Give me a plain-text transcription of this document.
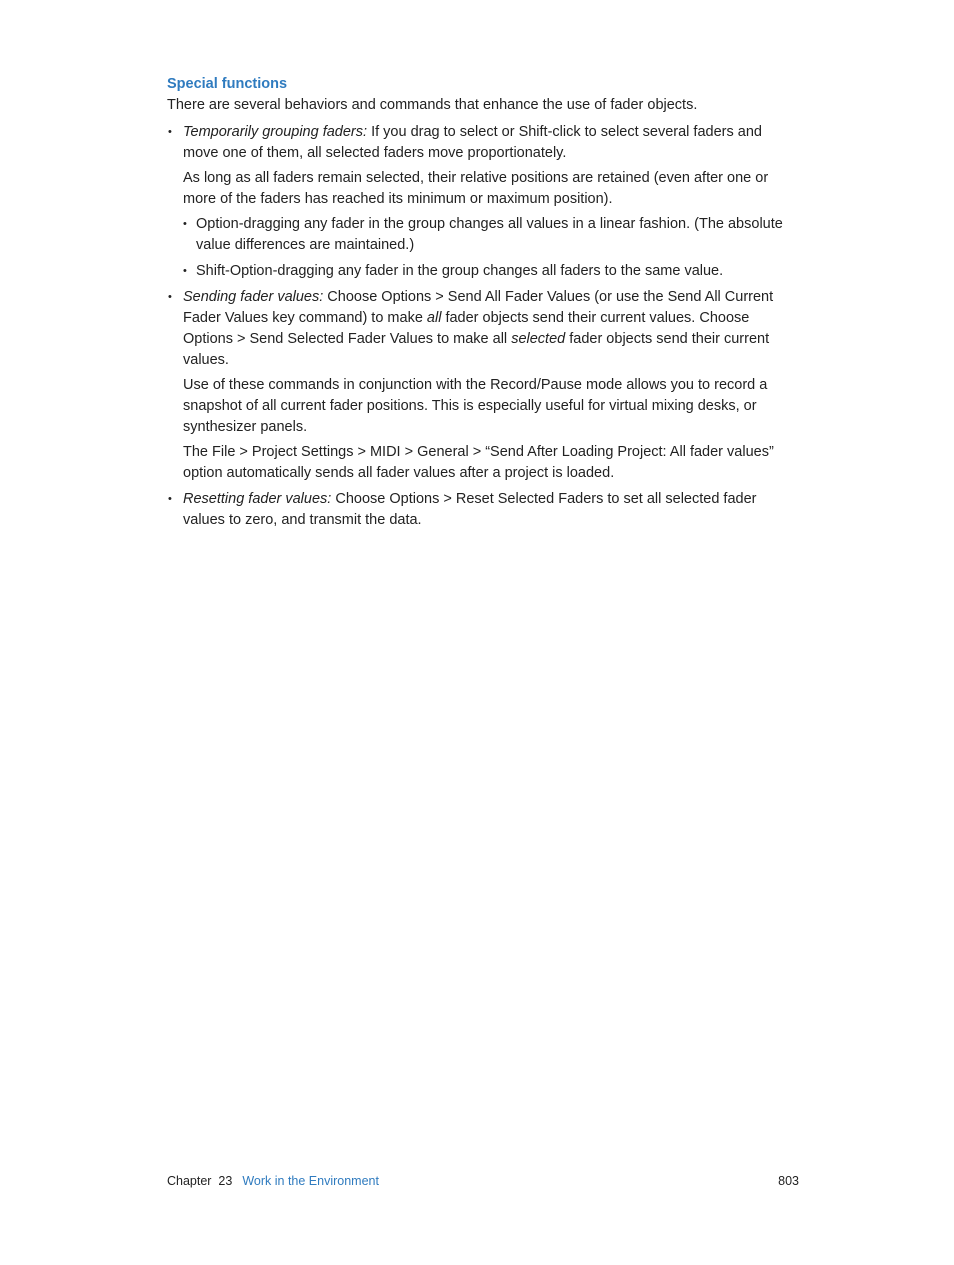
Special functions

There are several behaviors and commands that enhance the use of fader objects.

• Temporarily grouping faders: If you drag to select or Shift-click to select several faders and move one of them, all selected faders move proportionately.

As long as all faders remain selected, their relative positions are retained (even after one or more of the faders has reached its minimum or maximum position).

• Option-dragging any fader in the group changes all values in a linear fashion. (The absolute value differences are maintained.)
• Shift-Option-dragging any fader in the group changes all faders to the same value.

• Sending fader values: Choose Options > Send All Fader Values (or use the Send All Current Fader Values key command) to make all fader objects send their current values. Choose Options > Send Selected Fader Values to make all selected fader objects send their current values.

Use of these commands in conjunction with the Record/Pause mode allows you to record a snapshot of all current fader positions. This is especially useful for virtual mixing desks, or synthesizer panels.

The File > Project Settings > MIDI > General > “Send After Loading Project: All fader values” option automatically sends all fader values after a project is loaded.

• Resetting fader values: Choose Options > Reset Selected Faders to set all selected fader values to zero, and transmit the data.

Chapter  23 Work in the Environment	803
